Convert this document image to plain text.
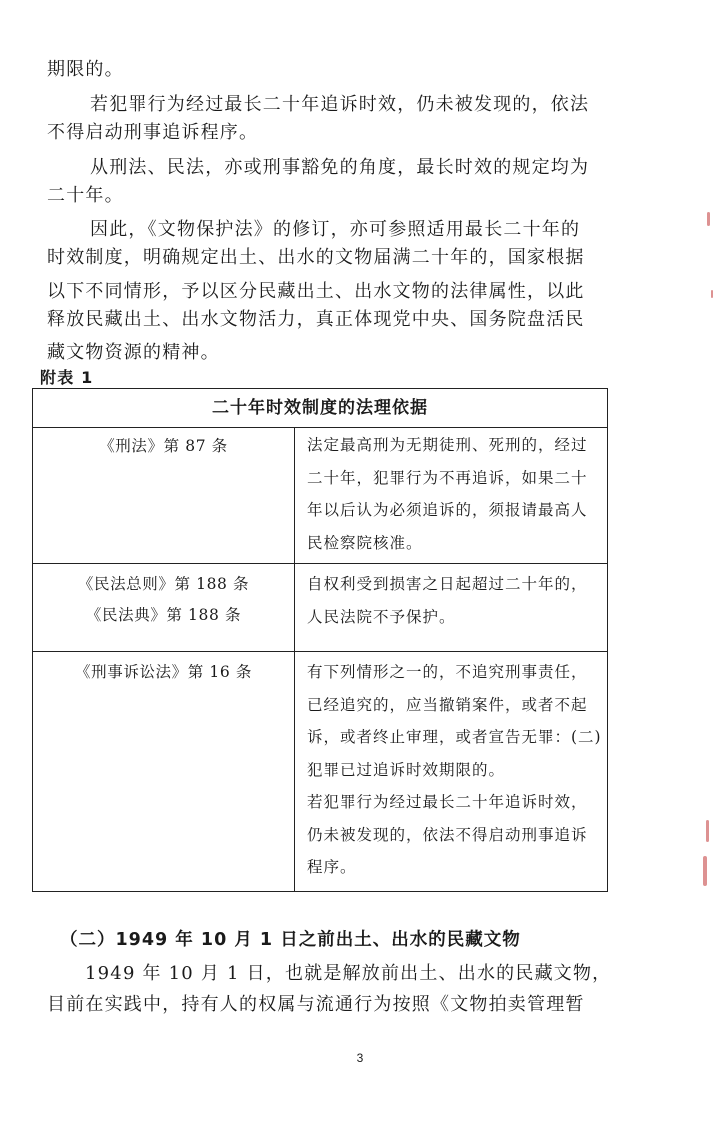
期限的。
若犯罪行为经过最长二十年追诉时效，仍未被发现的，依法
不得启动刑事追诉程序。
从刑法、民法，亦或刑事豁免的角度，最长时效的规定均为
二十年。
因此，《文物保护法》的修订，亦可参照适用最长二十年的
时效制度，明确规定出土、出水的文物届满二十年的，国家根据
以下不同情形，予以区分民藏出土、出水文物的法律属性，以此
释放民藏出土、出水文物活力，真正体现党中央、国务院盘活民
藏文物资源的精神。
附表 1
二十年时效制度的法理依据
《刑法》第 87 条	法定最高刑为无期徒刑、死刑的，经过
二十年，犯罪行为不再追诉，如果二十
年以后认为必须追诉的，须报请最高人
民检察院核准。
《民法总则》第 188 条
《民法典》第 188 条
自权利受到损害之日起超过二十年的，
人民法院不予保护。
《刑事诉讼法》第 16 条	有下列情形之一的，不追究刑事责任，
已经追究的，应当撤销案件，或者不起
诉，或者终止审理，或者宣告无罪：(二)
犯罪已过追诉时效期限的。
若犯罪行为经过最长二十年追诉时效，
仍未被发现的，依法不得启动刑事追诉
程序。
（二）1949 年 10 月 1 日之前出土、出水的民藏文物
1949 年 10 月 1 日，也就是解放前出土、出水的民藏文物，
目前在实践中，持有人的权属与流通行为按照《文物拍卖管理暂
3
